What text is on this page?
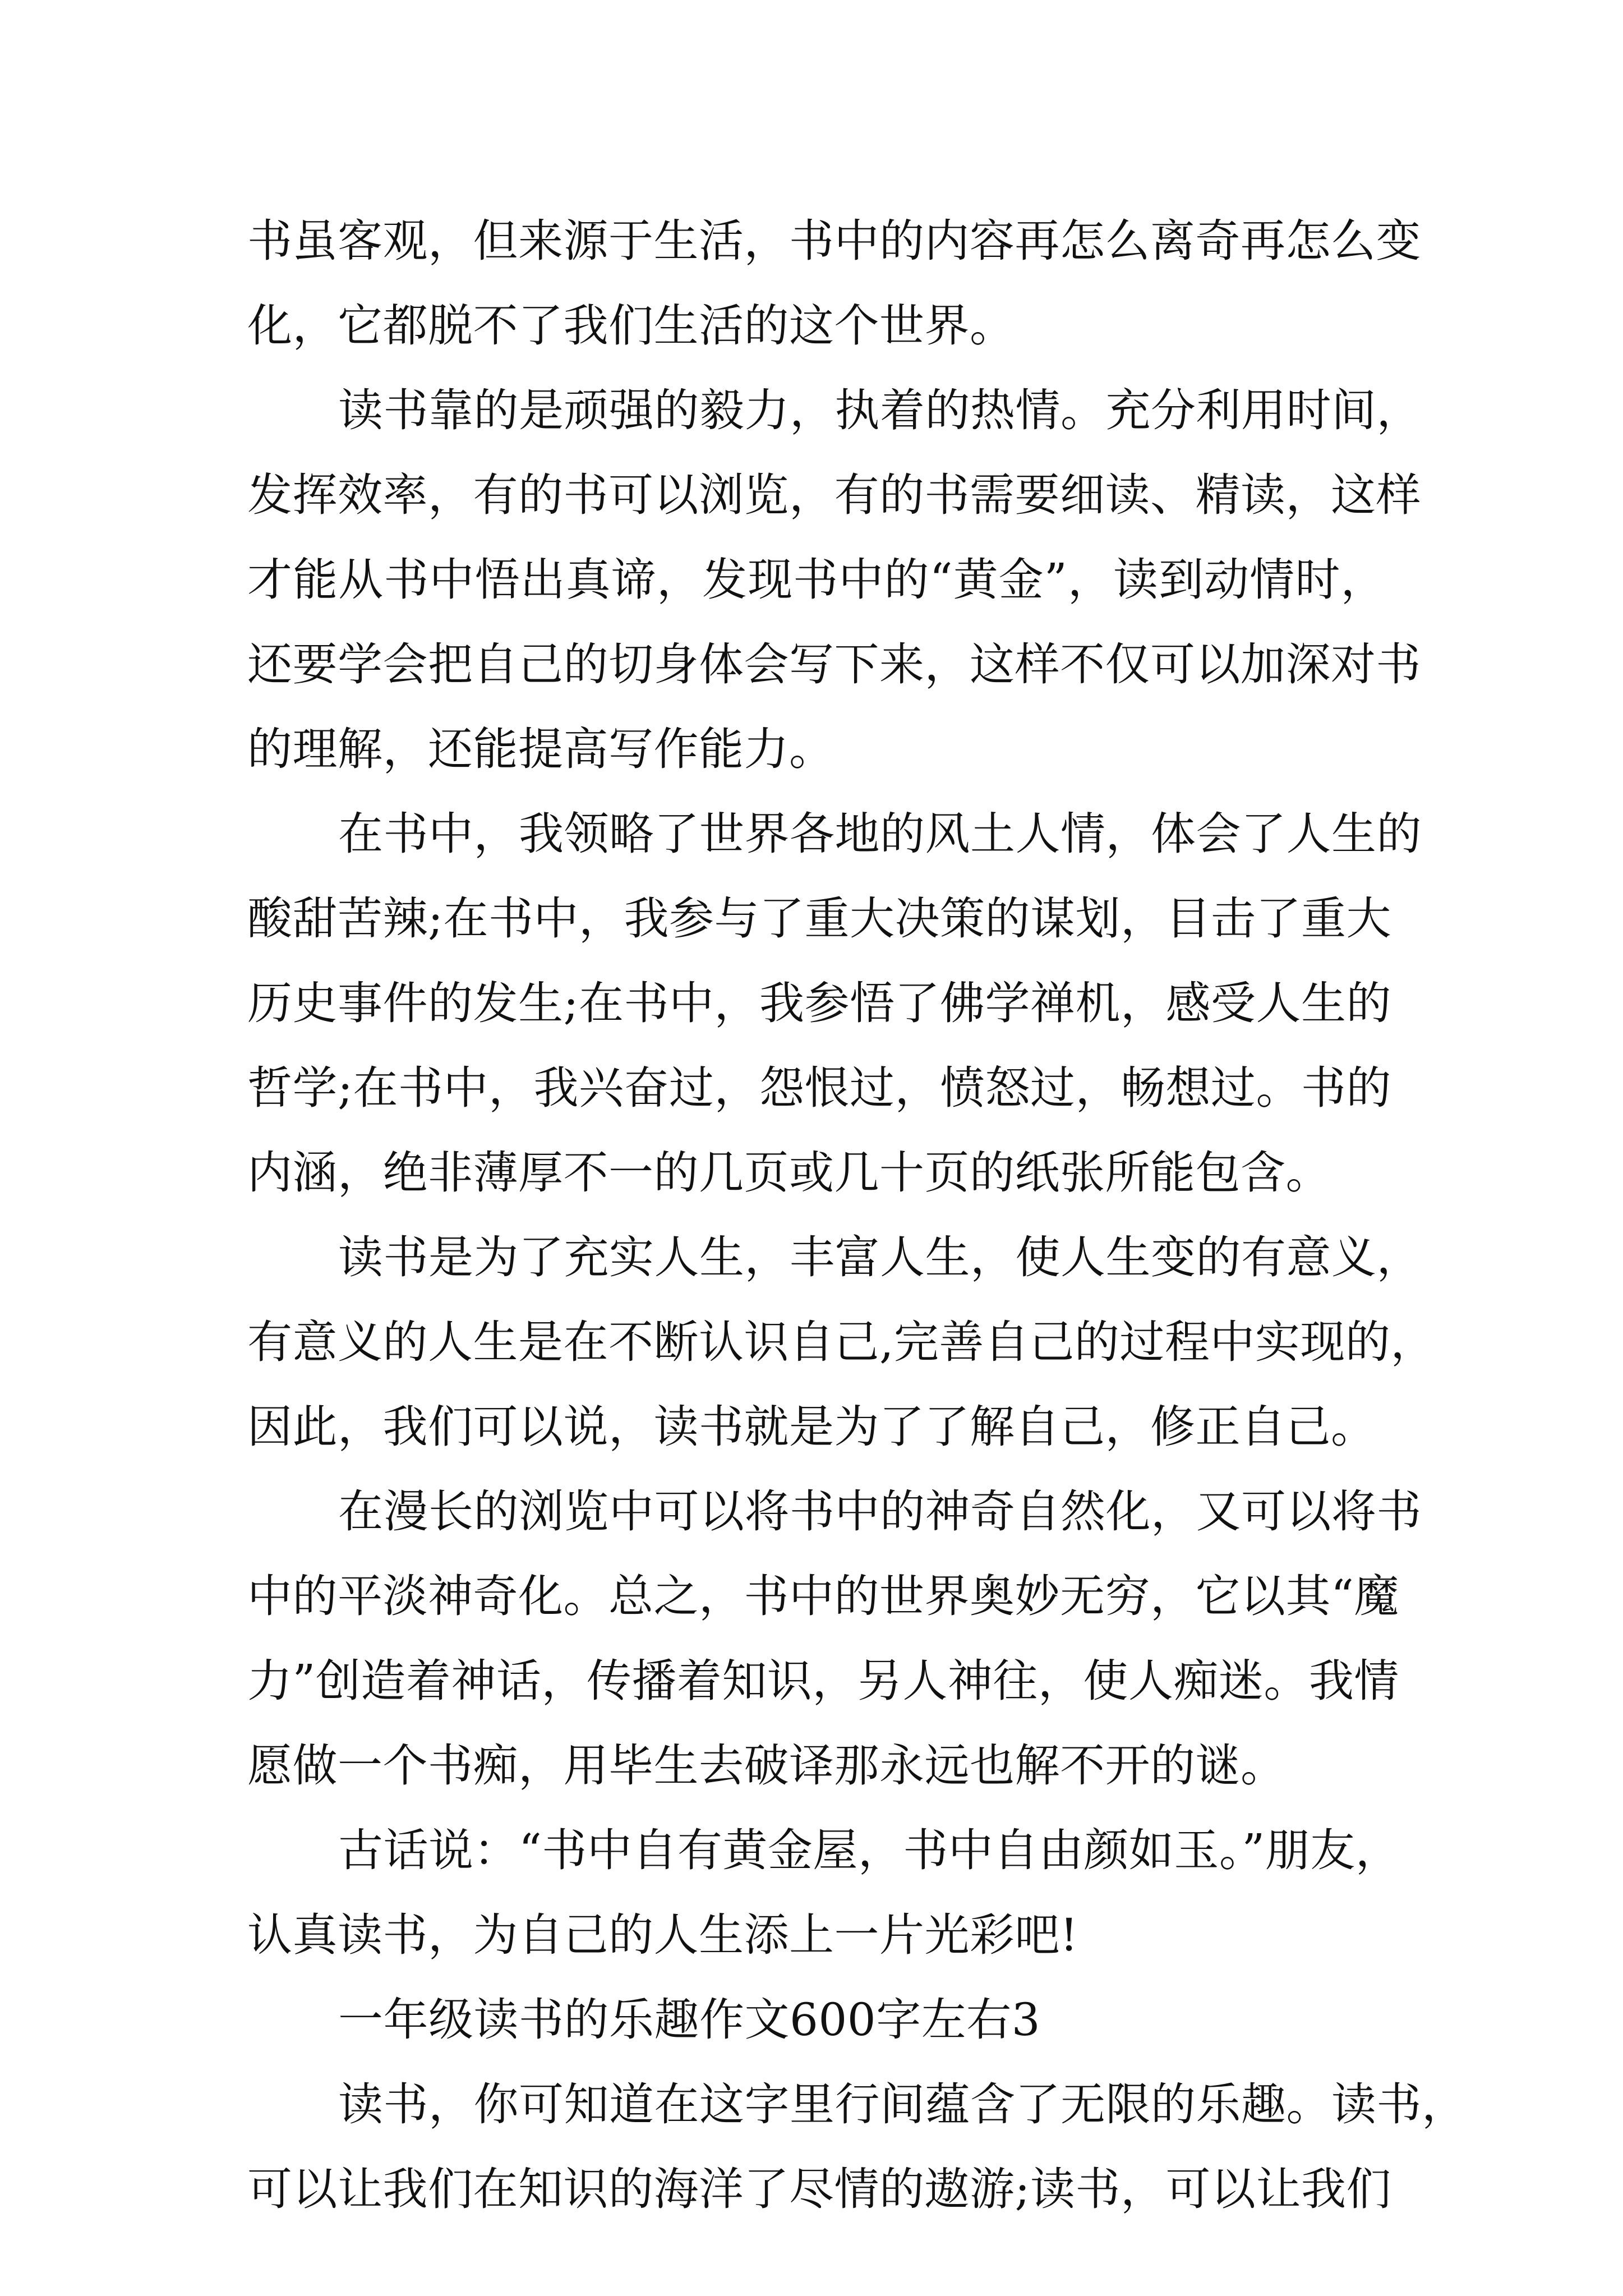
书虽客观，但来源于生活，书中的内容再怎么离奇再怎么变

化，它都脱不了我们生活的这个世界。

读书靠的是顽强的毅力，执着的热情。充分利用时间，

发挥效率，有的书可以浏览，有的书需要细读、精读，这样

才能从书中悟出真谛，发现书中的“黄金”，读到动情时，

还要学会把自己的切身体会写下来，这样不仅可以加深对书

的理解，还能提高写作能力。

在书中，我领略了世界各地的风土人情，体会了人生的

酸甜苦辣;在书中，我参与了重大决策的谋划，目击了重大

历史事件的发生;在书中，我参悟了佛学禅机，感受人生的

哲学;在书中，我兴奋过，怨恨过，愤怒过，畅想过。书的

内涵，绝非薄厚不一的几页或几十页的纸张所能包含。

读书是为了充实人生，丰富人生，使人生变的有意义，

有意义的人生是在不断认识自己,完善自己的过程中实现的，

因此，我们可以说，读书就是为了了解自己，修正自己。

在漫长的浏览中可以将书中的神奇自然化，又可以将书

中的平淡神奇化。总之，书中的世界奥妙无穷，它以其“魔

力”创造着神话，传播着知识，另人神往，使人痴迷。我情

愿做一个书痴，用毕生去破译那永远也解不开的谜。

古话说：“书中自有黄金屋，书中自由颜如玉。”朋友，

认真读书，为自己的人生添上一片光彩吧!

一年级读书的乐趣作文600字左右3

读书，你可知道在这字里行间蕴含了无限的乐趣。读书，

可以让我们在知识的海洋了尽情的遨游;读书，可以让我们
